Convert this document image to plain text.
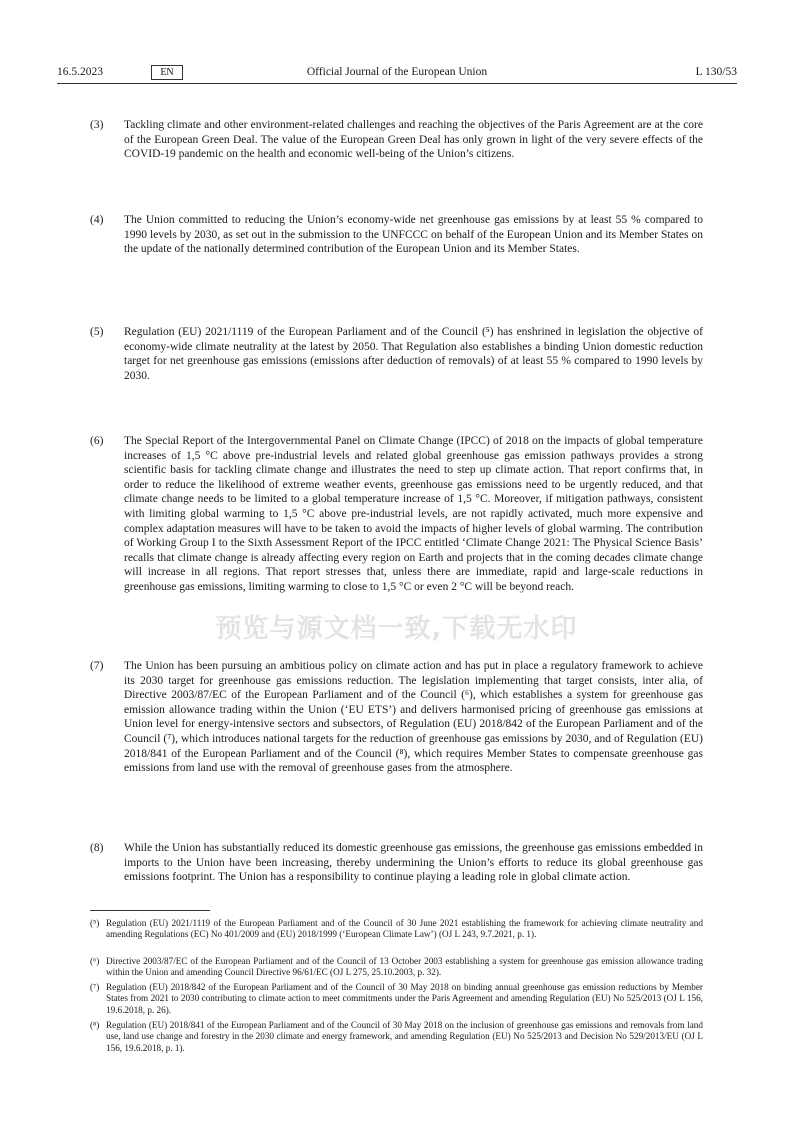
16.5.2023	EN	Official Journal of the European Union	L 130/53
(3) Tackling climate and other environment-related challenges and reaching the objectives of the Paris Agreement are at the core of the European Green Deal. The value of the European Green Deal has only grown in light of the very severe effects of the COVID-19 pandemic on the health and economic well-being of the Union’s citizens.
(4) The Union committed to reducing the Union’s economy-wide net greenhouse gas emissions by at least 55 % compared to 1990 levels by 2030, as set out in the submission to the UNFCCC on behalf of the European Union and its Member States on the update of the nationally determined contribution of the European Union and its Member States.
(5) Regulation (EU) 2021/1119 of the European Parliament and of the Council (⁵) has enshrined in legislation the objective of economy-wide climate neutrality at the latest by 2050. That Regulation also establishes a binding Union domestic reduction target for net greenhouse gas emissions (emissions after deduction of removals) of at least 55 % compared to 1990 levels by 2030.
(6) The Special Report of the Intergovernmental Panel on Climate Change (IPCC) of 2018 on the impacts of global temperature increases of 1,5 °C above pre-industrial levels and related global greenhouse gas emission pathways provides a strong scientific basis for tackling climate change and illustrates the need to step up climate action. That report confirms that, in order to reduce the likelihood of extreme weather events, greenhouse gas emissions need to be urgently reduced, and that climate change needs to be limited to a global temperature increase of 1,5 °C. Moreover, if mitigation pathways, consistent with limiting global warming to 1,5 °C above pre-industrial levels, are not rapidly activated, much more expensive and complex adaptation measures will have to be taken to avoid the impacts of higher levels of global warming. The contribution of Working Group I to the Sixth Assessment Report of the IPCC entitled ‘Climate Change 2021: The Physical Science Basis’ recalls that climate change is already affecting every region on Earth and projects that in the coming decades climate change will increase in all regions. That report stresses that, unless there are immediate, rapid and large-scale reductions in greenhouse gas emissions, limiting warming to close to 1,5 °C or even 2 °C will be beyond reach.
(7) The Union has been pursuing an ambitious policy on climate action and has put in place a regulatory framework to achieve its 2030 target for greenhouse gas emissions reduction. The legislation implementing that target consists, inter alia, of Directive 2003/87/EC of the European Parliament and of the Council (⁶), which establishes a system for greenhouse gas emission allowance trading within the Union (‘EU ETS’) and delivers harmonised pricing of greenhouse gas emissions at Union level for energy-intensive sectors and subsectors, of Regulation (EU) 2018/842 of the European Parliament and of the Council (⁷), which introduces national targets for the reduction of greenhouse gas emissions by 2030, and of Regulation (EU) 2018/841 of the European Parliament and of the Council (⁸), which requires Member States to compensate greenhouse gas emissions from land use with the removal of greenhouse gases from the atmosphere.
(8) While the Union has substantially reduced its domestic greenhouse gas emissions, the greenhouse gas emissions embedded in imports to the Union have been increasing, thereby undermining the Union’s efforts to reduce its global greenhouse gas emissions footprint. The Union has a responsibility to continue playing a leading role in global climate action.
(⁵) Regulation (EU) 2021/1119 of the European Parliament and of the Council of 30 June 2021 establishing the framework for achieving climate neutrality and amending Regulations (EC) No 401/2009 and (EU) 2018/1999 (‘European Climate Law’) (OJ L 243, 9.7.2021, p. 1).
(⁶) Directive 2003/87/EC of the European Parliament and of the Council of 13 October 2003 establishing a system for greenhouse gas emission allowance trading within the Union and amending Council Directive 96/61/EC (OJ L 275, 25.10.2003, p. 32).
(⁷) Regulation (EU) 2018/842 of the European Parliament and of the Council of 30 May 2018 on binding annual greenhouse gas emission reductions by Member States from 2021 to 2030 contributing to climate action to meet commitments under the Paris Agreement and amending Regulation (EU) No 525/2013 (OJ L 156, 19.6.2018, p. 26).
(⁸) Regulation (EU) 2018/841 of the European Parliament and of the Council of 30 May 2018 on the inclusion of greenhouse gas emissions and removals from land use, land use change and forestry in the 2030 climate and energy framework, and amending Regulation (EU) No 525/2013 and Decision No 529/2013/EU (OJ L 156, 19.6.2018, p. 1).
预览与源文档一致,下载无水印
